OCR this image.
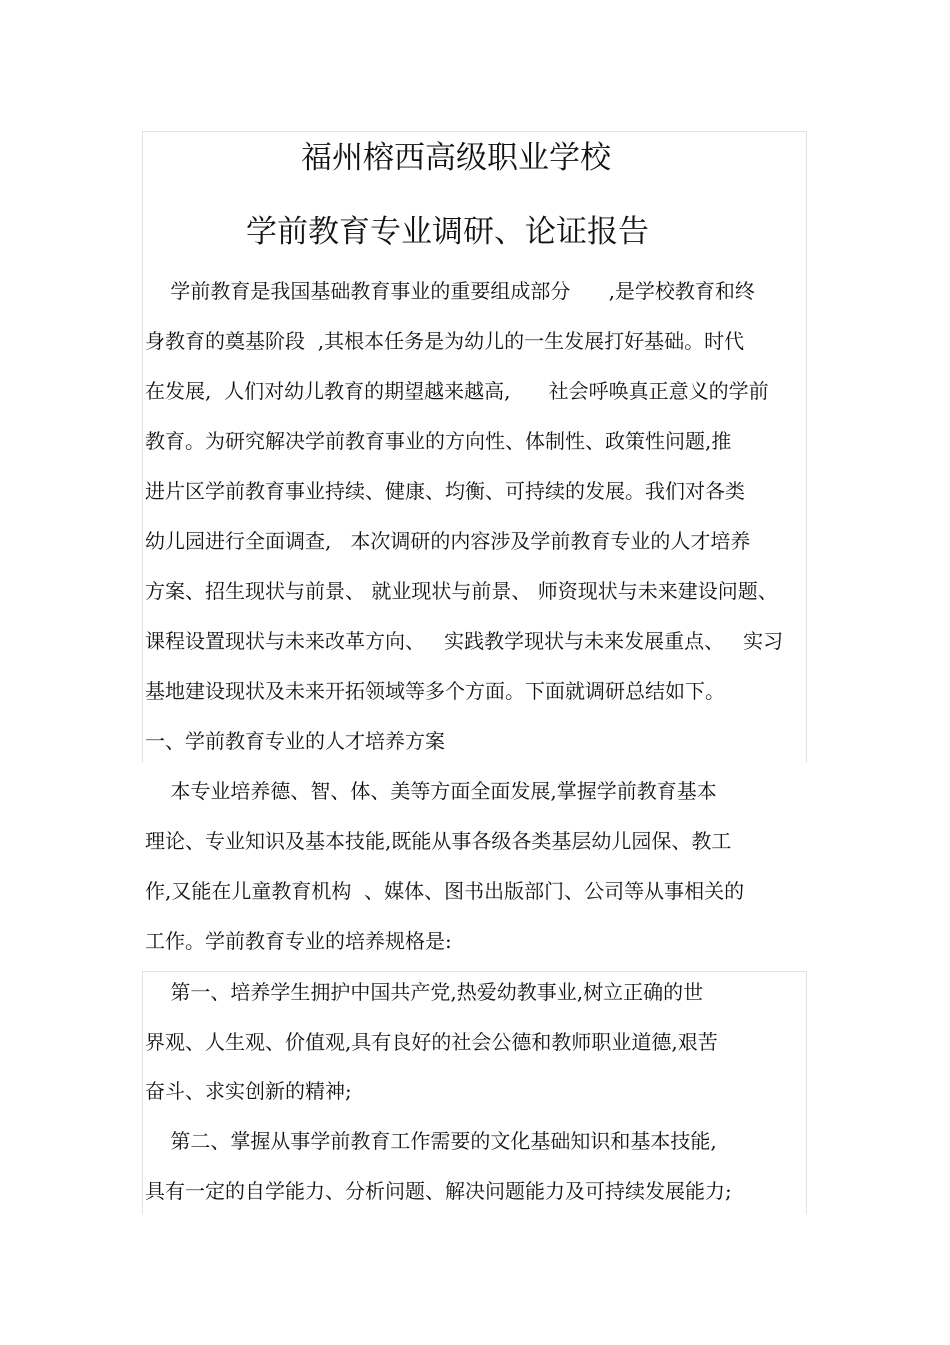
福州榕西高级职业学校
学前教育专业调研、论证报告
学前教育是我国基础教育事业的重要组成部分      ,是学校教育和终
身教育的奠基阶段  ,其根本任务是为幼儿的一生发展打好基础。时代
在发展,  人们对幼儿教育的期望越来越高,      社会呼唤真正意义的学前
教育。为研究解决学前教育事业的方向性、体制性、政策性问题,推
进片区学前教育事业持续、健康、均衡、可持续的发展。我们对各类
幼儿园进行全面调查,   本次调研的内容涉及学前教育专业的人才培养
方案、招生现状与前景、 就业现状与前景、 师资现状与未来建设问题、
课程设置现状与未来改革方向、   实践教学现状与未来发展重点、   实习
基地建设现状及未来开拓领域等多个方面。下面就调研总结如下。
一、学前教育专业的人才培养方案
本专业培养德、智、体、美等方面全面发展,掌握学前教育基本
理论、专业知识及基本技能,既能从事各级各类基层幼儿园保、教工
作,又能在儿童教育机构  、媒体、图书出版部门、公司等从事相关的
工作。学前教育专业的培养规格是:
第一、培养学生拥护中国共产党,热爱幼教事业,树立正确的世
界观、人生观、价值观,具有良好的社会公德和教师职业道德,艰苦
奋斗、求实创新的精神;
第二、掌握从事学前教育工作需要的文化基础知识和基本技能,
具有一定的自学能力、分析问题、解决问题能力及可持续发展能力;
